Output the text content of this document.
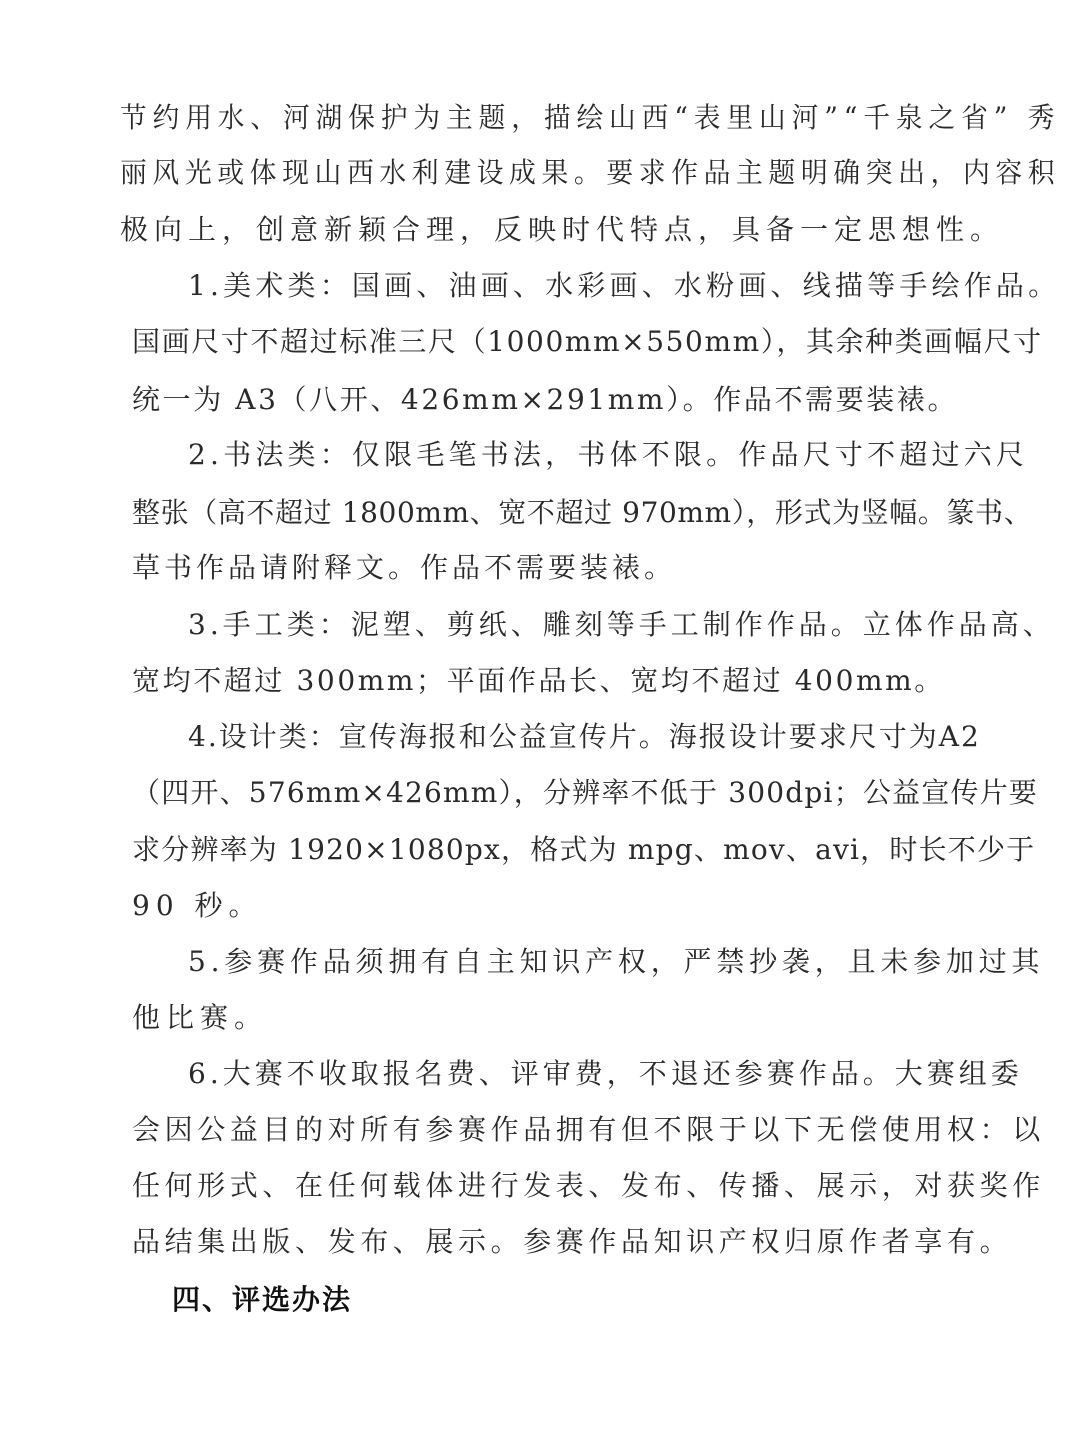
节约用水、河湖保护为主题，描绘山西“表里山河”“千泉之省” 秀
丽风光或体现山西水利建设成果。要求作品主题明确突出，内容积
极向上，创意新颖合理，反映时代特点，具备一定思想性。
1.美术类：国画、油画、水彩画、水粉画、线描等手绘作品。
国画尺寸不超过标准三尺（1000mm×550mm），其余种类画幅尺寸
统一为 A3（八开、426mm×291mm）。作品不需要装裱。
2.书法类：仅限毛笔书法，书体不限。作品尺寸不超过六尺
整张（高不超过 1800mm、宽不超过 970mm），形式为竖幅。篆书、
草书作品请附释文。作品不需要装裱。
3.手工类：泥塑、剪纸、雕刻等手工制作作品。立体作品高、
宽均不超过 300mm；平面作品长、宽均不超过 400mm。
4.设计类：宣传海报和公益宣传片。海报设计要求尺寸为A2
（四开、576mm×426mm），分辨率不低于 300dpi；公益宣传片要
求分辨率为 1920×1080px，格式为 mpg、mov、avi，时长不少于
90 秒。
5.参赛作品须拥有自主知识产权，严禁抄袭，且未参加过其
他比赛。
6.大赛不收取报名费、评审费，不退还参赛作品。大赛组委
会因公益目的对所有参赛作品拥有但不限于以下无偿使用权：以
任何形式、在任何载体进行发表、发布、传播、展示，对获奖作
品结集出版、发布、展示。参赛作品知识产权归原作者享有。
四、评选办法
